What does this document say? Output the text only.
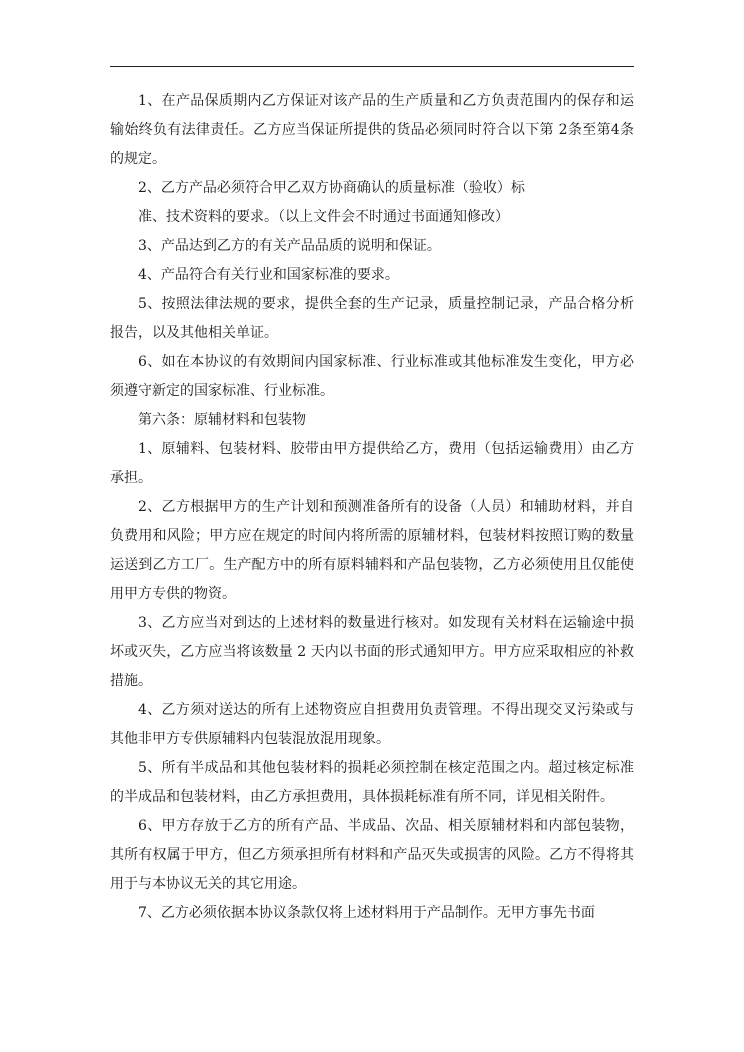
1、在产品保质期内乙方保证对该产品的生产质量和乙方负责范围内的保存和运输始终负有法律责任。乙方应当保证所提供的货品必须同时符合以下第 2条至第4条的规定。

2、乙方产品必须符合甲乙双方协商确认的质量标准（验收）标

准、技术资料的要求。（以上文件会不时通过书面通知修改）

3、产品达到乙方的有关产品品质的说明和保证。

4、产品符合有关行业和国家标准的要求。

5、按照法律法规的要求，提供全套的生产记录，质量控制记录，产品合格分析报告，以及其他相关单证。

6、如在本协议的有效期间内国家标准、行业标准或其他标准发生变化，甲方必须遵守新定的国家标准、行业标准。

第六条：原辅材料和包装物

1、原辅料、包装材料、胶带由甲方提供给乙方，费用（包括运输费用）由乙方承担。

2、乙方根据甲方的生产计划和预测准备所有的设备（人员）和辅助材料，并自负费用和风险；甲方应在规定的时间内将所需的原辅材料，包装材料按照订购的数量运送到乙方工厂。生产配方中的所有原料辅料和产品包装物，乙方必须使用且仅能使用甲方专供的物资。

3、乙方应当对到达的上述材料的数量进行核对。如发现有关材料在运输途中损坏或灭失，乙方应当将该数量 2 天内以书面的形式通知甲方。甲方应采取相应的补救措施。

4、乙方须对送达的所有上述物资应自担费用负责管理。不得出现交叉污染或与其他非甲方专供原辅料内包装混放混用现象。

5、所有半成品和其他包装材料的损耗必须控制在核定范围之内。超过核定标准的半成品和包装材料，由乙方承担费用，具体损耗标准有所不同，详见相关附件。

6、甲方存放于乙方的所有产品、半成品、次品、相关原辅材料和内部包装物，其所有权属于甲方，但乙方须承担所有材料和产品灭失或损害的风险。乙方不得将其用于与本协议无关的其它用途。

7、乙方必须依据本协议条款仅将上述材料用于产品制作。无甲方事先书面
